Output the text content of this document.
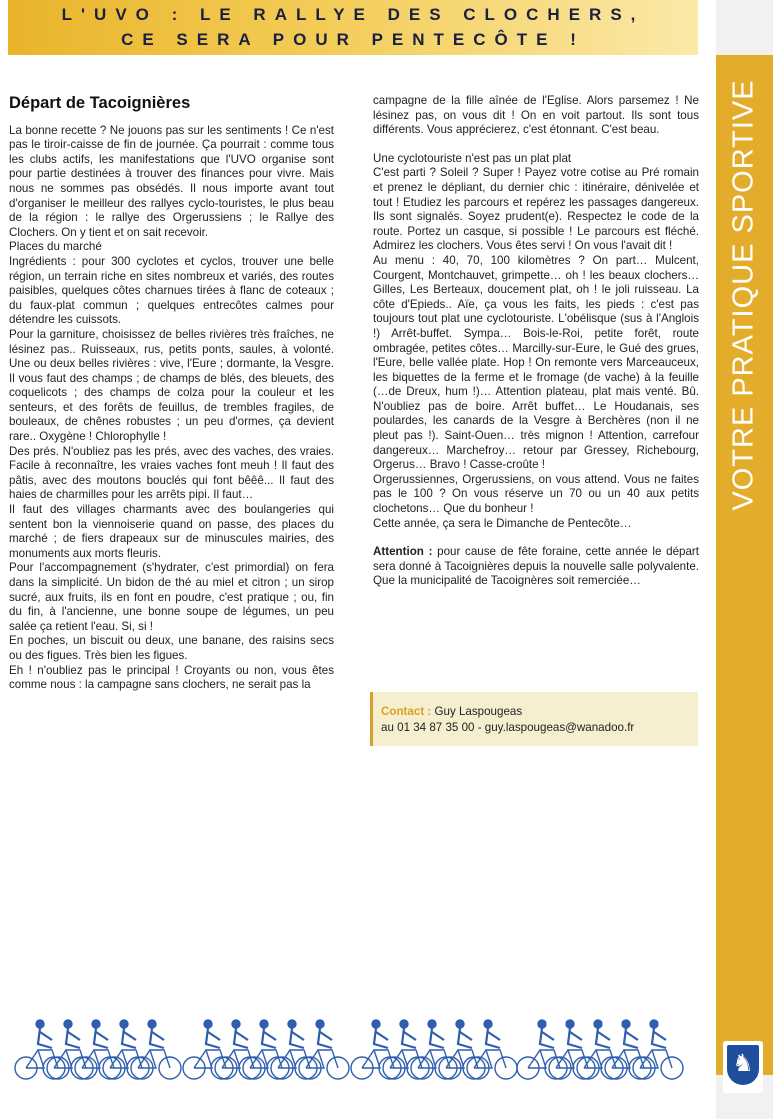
L'UVO : LE RALLYE DES CLOCHERS,
CE SERA POUR PENTECÔTE !
VOTRE PRATIQUE SPORTIVE
♞
Départ de Tacoignières

La bonne recette ? Ne jouons pas sur les sentiments ! Ce n'est pas le tiroir-caisse de fin de journée. Ça pourrait : comme tous les clubs actifs, les manifestations que l'UVO organise sont pour partie destinées à trouver des finances pour vivre. Mais nous ne sommes pas obsédés. Il nous importe avant tout d'organiser le meilleur des rallyes cyclo-touristes, le plus beau de la région : le rallye des Orgerussiens ; le Rallye des Clochers. On y tient et on sait recevoir.

Places du marché

Ingrédients : pour 300 cyclotes et cyclos, trouver une belle région, un terrain riche en sites nombreux et variés, des routes paisibles, quelques côtes charnues tirées à flanc de coteaux ; du faux-plat commun ; quelques entrecôtes calmes pour détendre les cuissots.

Pour la garniture, choisissez de belles rivières très fraîches, ne lésinez pas.. Ruisseaux, rus, petits ponts, saules, à volonté. Une ou deux belles rivières : vive, l'Eure ; dormante, la Vesgre. Il vous faut des champs ; de champs de blés, des bleuets, des coquelicots ; des champs de colza pour la couleur et les senteurs, et des forêts de feuillus, de trembles fragiles, de bouleaux, de chênes robustes ; un peu d'ormes, ça devient rare.. Oxygène ! Chlorophylle !

Des prés. N'oubliez pas les prés, avec des vaches, des vraies. Facile à reconnaître, les vraies vaches font meuh ! Il faut des pâtis, avec des moutons bouclés qui font bêêê... Il faut des haies de charmilles pour les arrêts pipi. Il faut…

Il faut des villages charmants avec des boulangeries qui sentent bon la viennoiserie quand on passe, des places du marché ; de fiers drapeaux sur de minuscules mairies, des monuments aux morts fleuris.

Pour l'accompagnement (s'hydrater, c'est primordial) on fera dans la simplicité. Un bidon de thé au miel et citron ; un sirop sucré, aux fruits, ils en font en poudre, c'est pratique ; ou, fin du fin, à l'ancienne, une bonne soupe de légumes, un peu salée ça retient l'eau. Si, si !

En poches, un biscuit ou deux, une banane, des raisins secs ou des figues. Très bien les figues.

Eh ! n'oubliez pas le principal ! Croyants ou non, vous êtes comme nous : la campagne sans clochers, ne serait pas la

campagne de la fille aînée de l'Eglise. Alors parsemez ! Ne lésinez pas, on vous dit ! On en voit partout. Ils sont tous différents. Vous apprécierez, c'est étonnant. C'est beau.

Une cyclotouriste n'est pas un plat plat

C'est parti ? Soleil ? Super ! Payez votre cotise au Pré romain et prenez le dépliant, du dernier chic : itinéraire, dénivelée et tout ! Etudiez les parcours et repérez les passages dangereux. Ils sont signalés. Soyez prudent(e). Respectez le code de la route. Portez un casque, si possible ! Le parcours est fléché. Admirez les clochers. Vous êtes servi ! On vous l'avait dit !

Au menu : 40, 70, 100 kilomètres ? On part… Mulcent, Courgent, Montchauvet, grimpette… oh ! les beaux clochers… Gilles, Les Berteaux, doucement plat, oh ! le joli ruisseau. La côte d'Epieds.. Aïe, ça vous les faits, les pieds : c'est pas toujours tout plat une cyclotouriste. L'obélisque (sus à l'Anglois !) Arrêt-buffet. Sympa… Bois-le-Roi, petite forêt, route ombragée, petites côtes… Marcilly-sur-Eure, le Gué des grues, l'Eure, belle vallée plate. Hop ! On remonte vers Marceauceux, les biquettes de la ferme et le fromage (de vache) à la feuille (…de Dreux, hum !)… Attention plateau, plat mais venté. Bû. N'oubliez pas de boire. Arrêt buffet… Le Houdanais, ses poulardes, les canards de la Vesgre à Berchères (non il ne pleut pas !). Saint-Ouen… très mignon ! Attention, carrefour dangereux… Marchefroy… retour par Gressey, Richebourg, Orgerus… Bravo ! Casse-croûte !

Orgerussiennes, Orgerussiens, on vous attend. Vous ne faites pas le 100 ? On vous réserve un 70 ou un 40 aux petits clochetons… Que du bonheur !

Cette année, ça sera le Dimanche de Pentecôte…

Attention : pour cause de fête foraine, cette année le départ sera donné à Tacoignières depuis la nouvelle salle polyvalente. Que la municipalité de Tacoignères soit remerciée…

Contact : Guy Laspougeas
au 01 34 87 35 00 - guy.laspougeas@wanadoo.fr
